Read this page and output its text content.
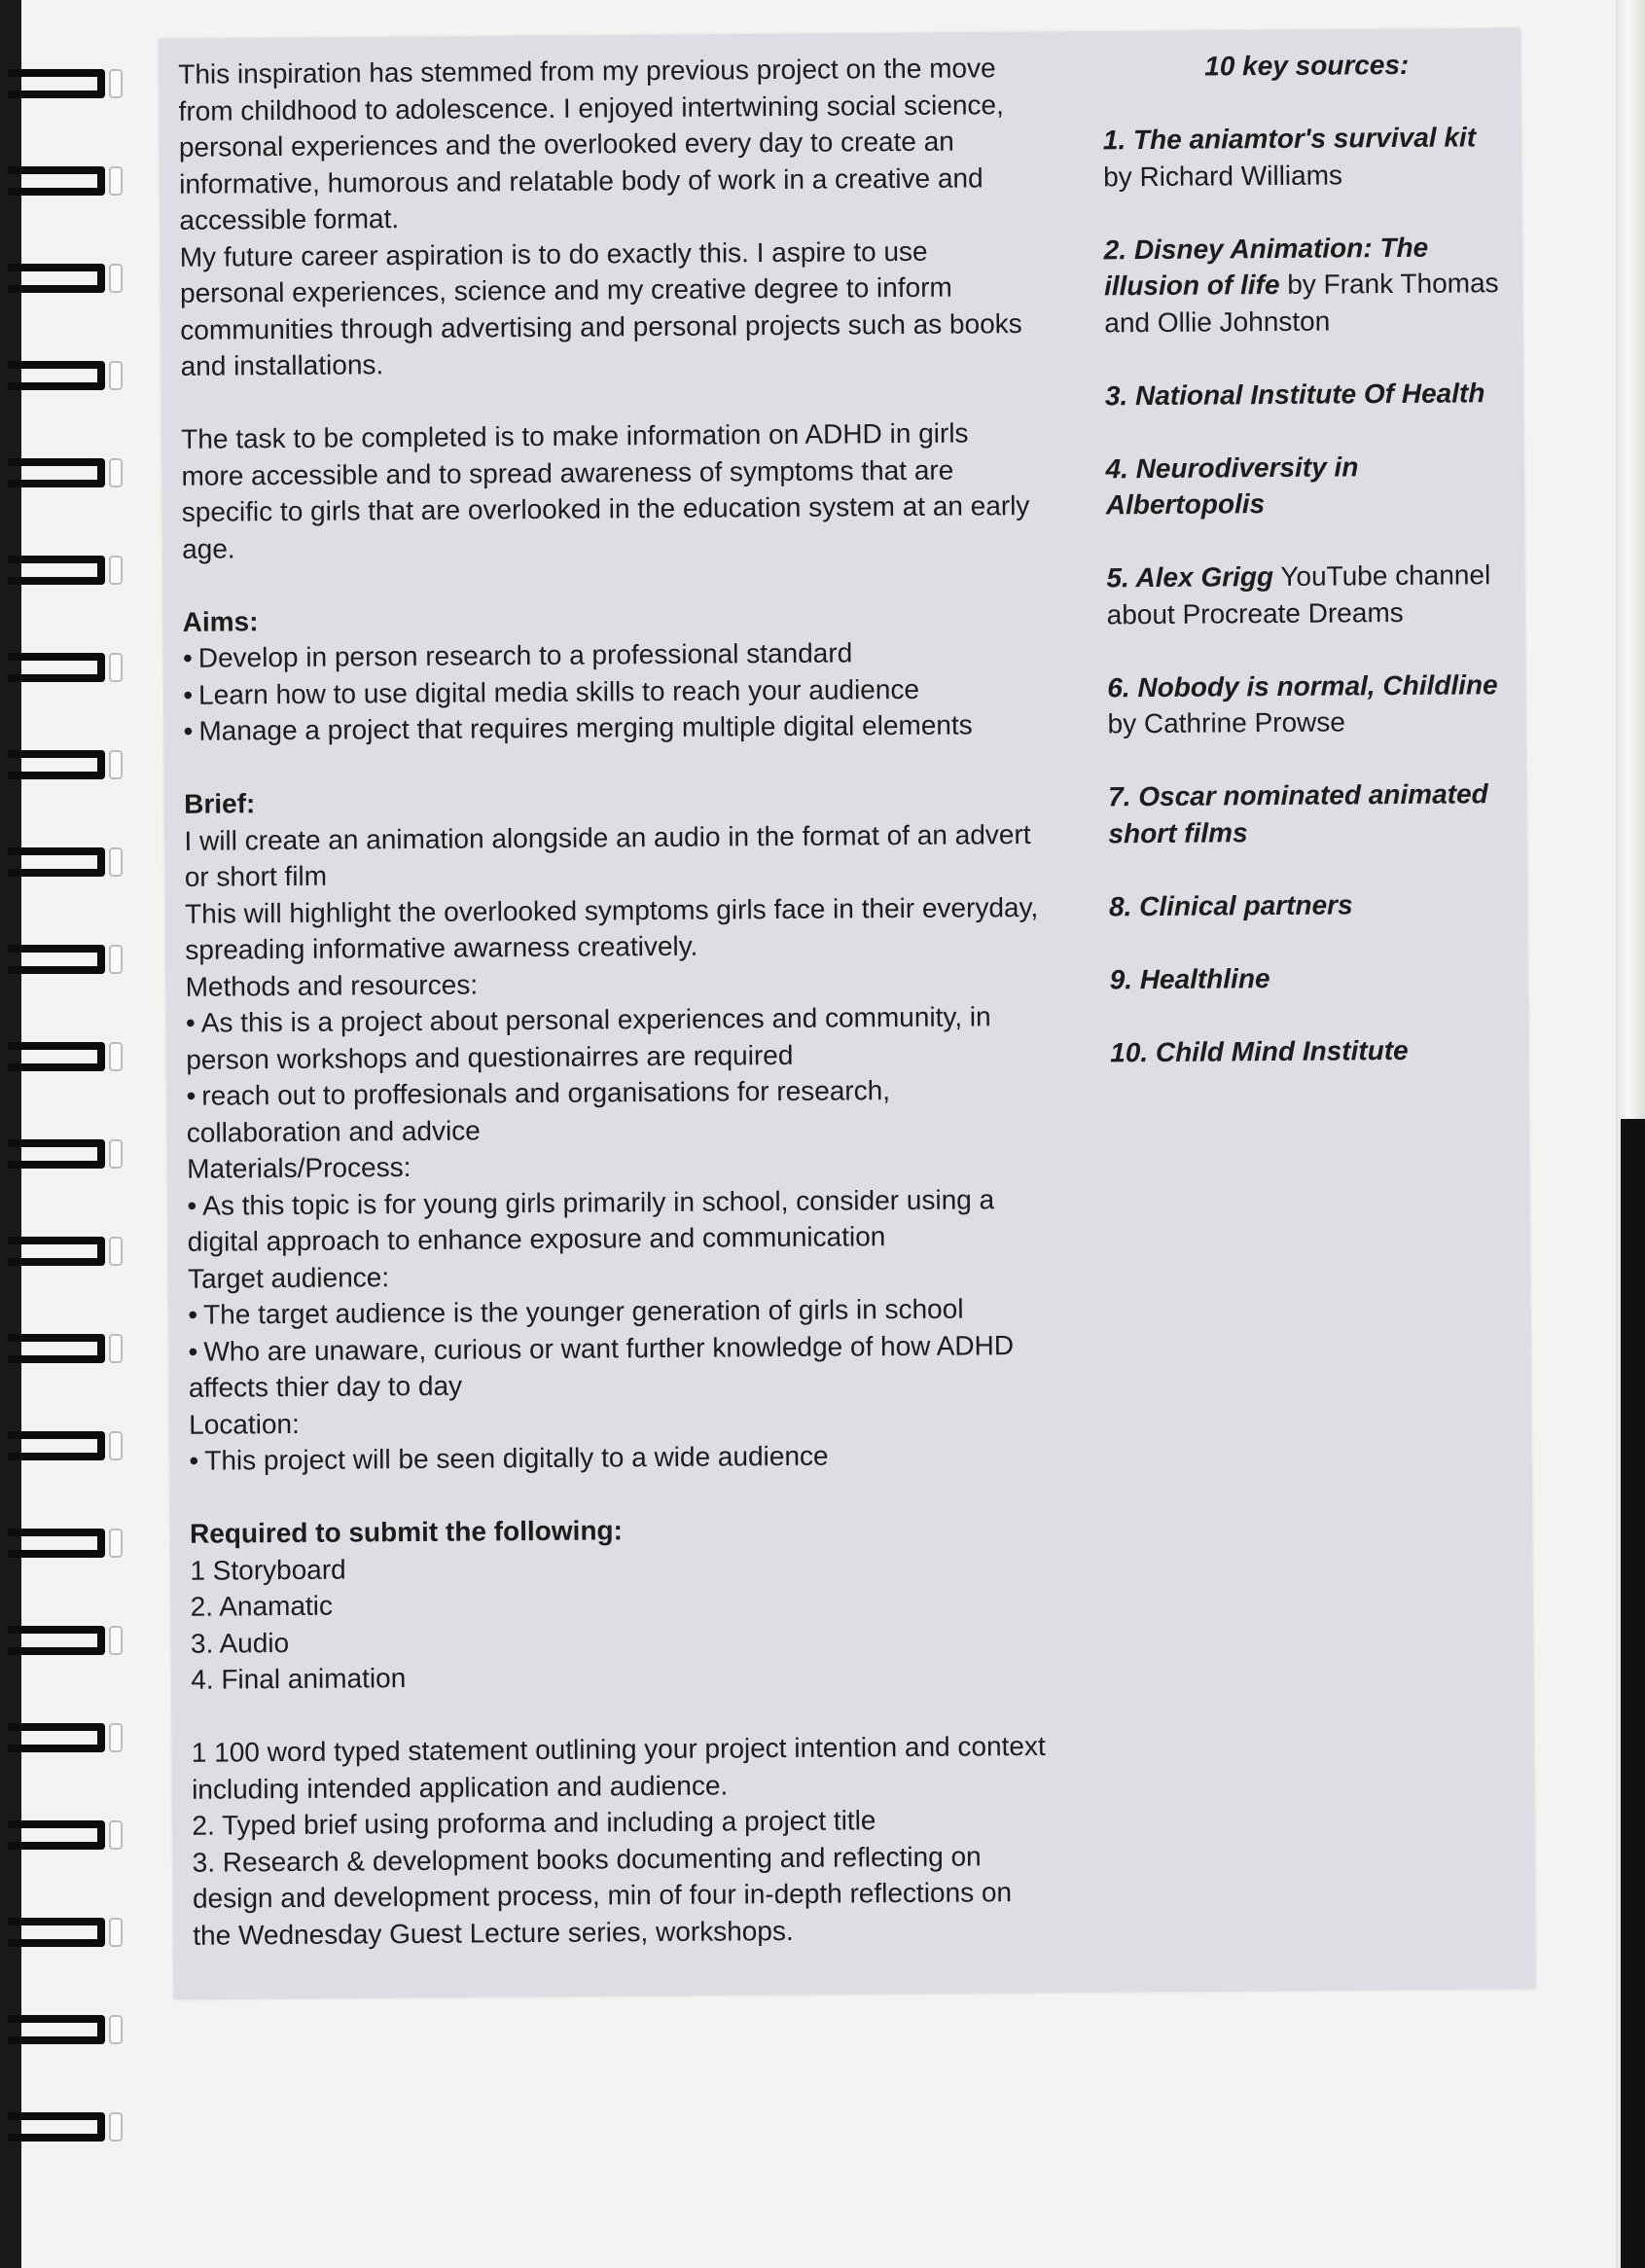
This inspiration has stemmed from my previous project on the move from childhood to adolescence. I enjoyed intertwining social science, personal experiences and the overlooked every day to create an informative, humorous and relatable body of work in a creative and accessible format.

My future career aspiration is to do exactly this. I aspire to use personal experiences, science and my creative degree to inform communities through advertising and personal projects such as books and installations.

The task to be completed is to make information on ADHD in girls more accessible and to spread awareness of symptoms that are specific to girls that are overlooked in the education system at an early age.

Aims:

• Develop in person research to a professional standard

• Learn how to use digital media skills to reach your audience

• Manage a project that requires merging multiple digital elements

Brief:

I will create an animation alongside an audio in the format of an advert or short film

This will highlight the overlooked symptoms girls face in their everyday, spreading informative awarness creatively.

Methods and resources:

• As this is a project about personal experiences and community, in person workshops and questionairres are required

• reach out to proffesionals and organisations for research, collaboration and advice

Materials/Process:

• As this topic is for young girls primarily in school, consider using a digital approach to enhance exposure and communication

Target audience:

• The target audience is the younger generation of girls in school

• Who are unaware, curious or want further knowledge of how ADHD affects thier day to day

Location:

• This project will be seen digitally to a wide audience

Required to submit the following:

1 Storyboard

2. Anamatic

3. Audio

4. Final animation

1 100 word typed statement outlining your project intention and context including intended application and audience.

2. Typed brief using proforma and including a project title

3. Research & development books documenting and reflecting on design and development process, min of four in-depth reflections on the Wednesday Guest Lecture series, workshops.

10 key sources:

1. The aniamtor's survival kit by Richard Williams

2. Disney Animation: The illusion of life by Frank Thomas and Ollie Johnston

3. National Institute Of Health

4. Neurodiversity in Albertopolis

5. Alex Grigg YouTube channel about Procreate Dreams

6. Nobody is normal, Childline by Cathrine Prowse

7. Oscar nominated animated short films

8. Clinical partners

9. Healthline

10. Child Mind Institute
